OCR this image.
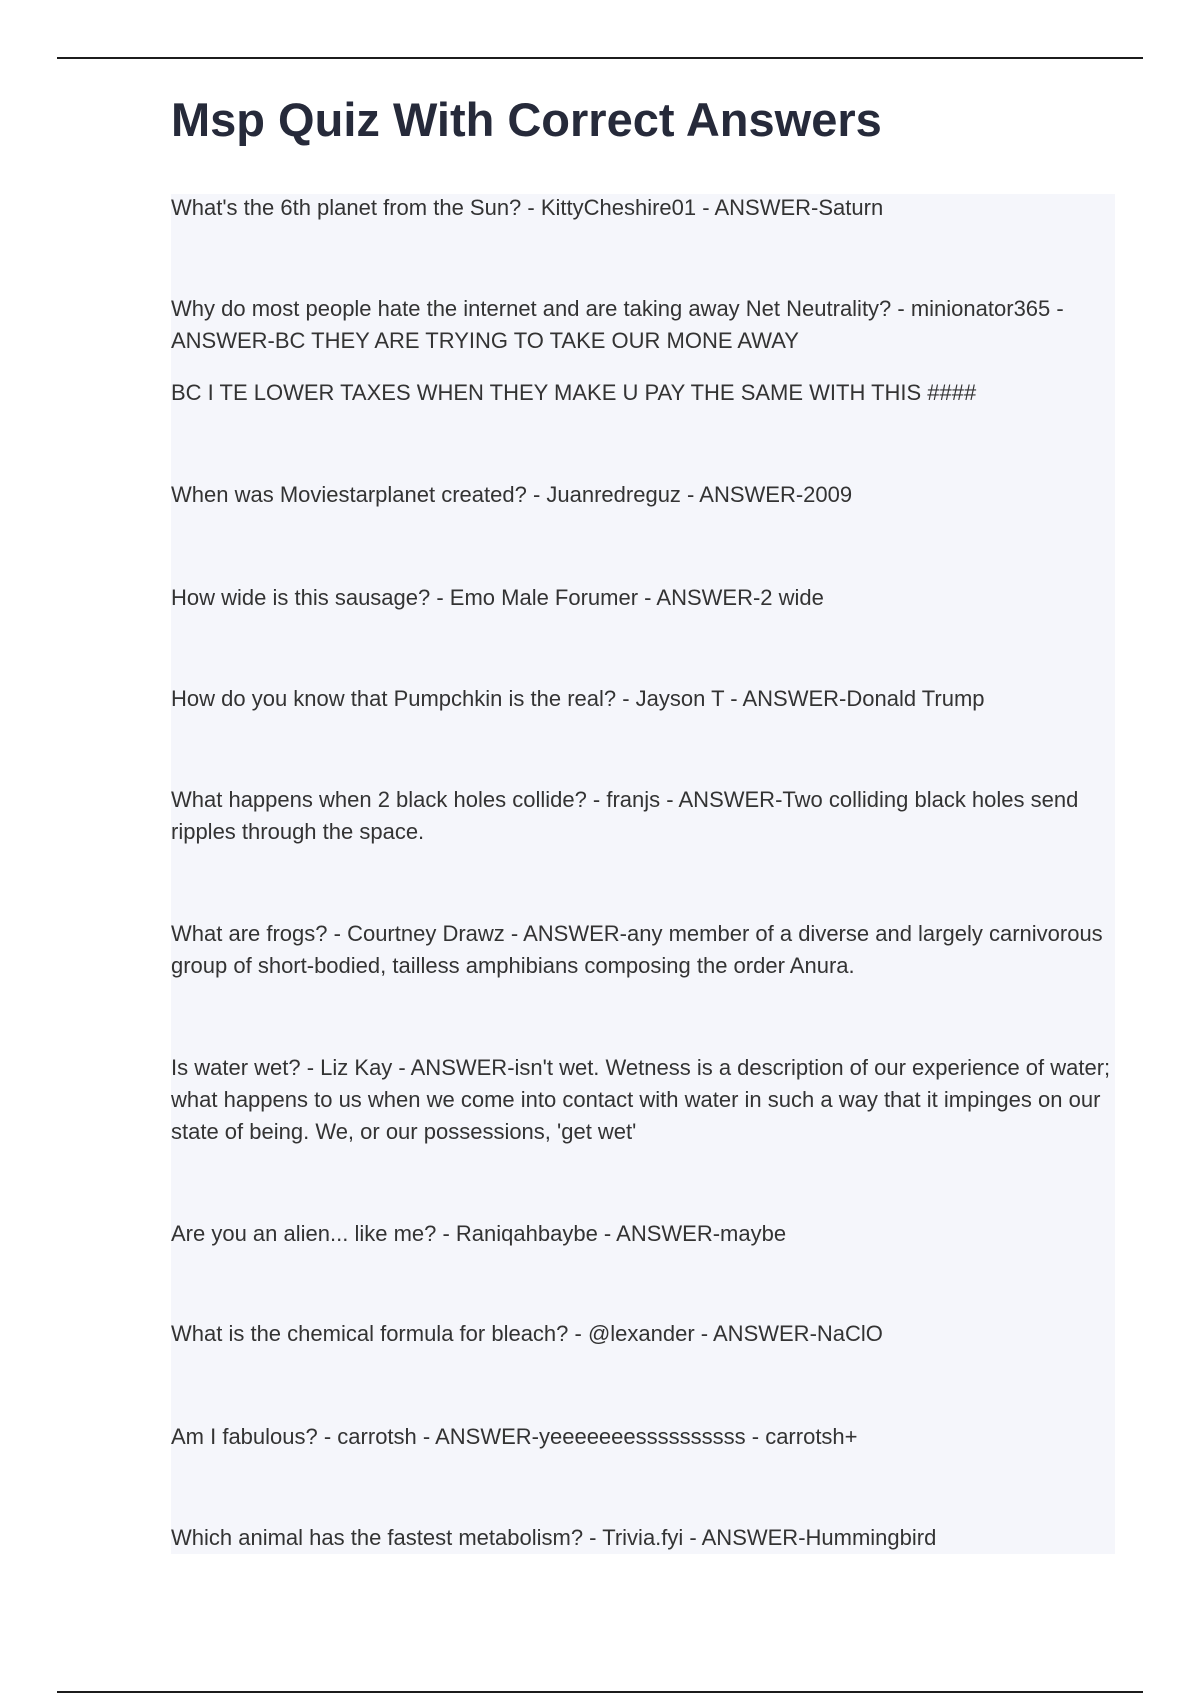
Msp Quiz With Correct Answers

What's the 6th planet from the Sun? - KittyCheshire01 - ANSWER-Saturn

Why do most people hate the internet and are taking away Net Neutrality? - minionator365 - ANSWER-BC THEY ARE TRYING TO TAKE OUR MONE AWAY

BC I TE LOWER TAXES WHEN THEY MAKE U PAY THE SAME WITH THIS ####

When was Moviestarplanet created? - Juanredreguz - ANSWER-2009

How wide is this sausage? - Emo Male Forumer - ANSWER-2 wide

How do you know that Pumpchkin is the real? - Jayson T - ANSWER-Donald Trump

What happens when 2 black holes collide? - franjs - ANSWER-Two colliding black holes send ripples through the space.

What are frogs? - Courtney Drawz - ANSWER-any member of a diverse and largely carnivorous group of short-bodied, tailless amphibians composing the order Anura.

Is water wet? - Liz Kay - ANSWER-isn't wet. Wetness is a description of our experience of water; what happens to us when we come into contact with water in such a way that it impinges on our state of being. We, or our possessions, 'get wet'

Are you an alien... like me? - Raniqahbaybe - ANSWER-maybe

What is the chemical formula for bleach? - @lexander - ANSWER-NaClO

Am I fabulous? - carrotsh - ANSWER-yeeeeeeessssssssss - carrotsh+

Which animal has the fastest metabolism? - Trivia.fyi - ANSWER-Hummingbird
